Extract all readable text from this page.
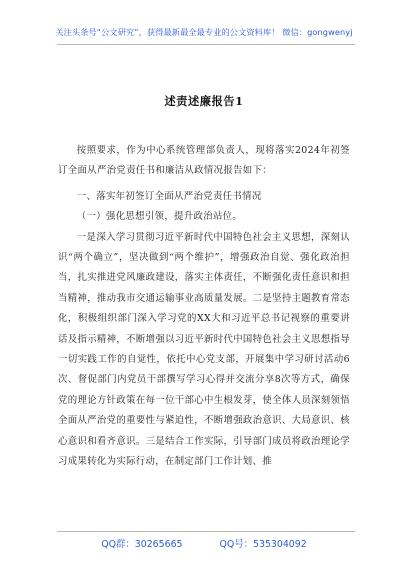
关注头条号“公文研究”，获得最新最全最专业的公文资料库！ 微信：gongwenyj
述责述廉报告1

按照要求，作为中心系统管理部负责人，现将落实2024年初签订全面从严治党责任书和廉洁从政情况报告如下：

一、落实年初签订全面从严治党责任书情况

（一）强化思想引领，提升政治站位。

一是深入学习贯彻习近平新时代中国特色社会主义思想，深刻认识“两个确立”，坚决做到“两个维护”，增强政治自觉、强化政治担当，扎实推进党风廉政建设，落实主体责任，不断强化责任意识和担当精神，推动我市交通运输事业高质量发展。二是坚持主题教育常态化，积极组织部门深入学习党的XX大和习近平总书记视察的重要讲话及指示精神，不断增强以习近平新时代中国特色社会主义思想指导一切实践工作的自觉性，依托中心党支部，开展集中学习研讨活动6次、督促部门内党员干部撰写学习心得并交流分享8次等方式，确保党的理论方针政策在每一位干部心中生根发芽，使全体人员深刻领悟全面从严治党的重要性与紧迫性，不断增强政治意识、大局意识、核心意识和看齐意识。三是结合工作实际，引导部门成员将政治理论学习成果转化为实际行动，在制定部门工作计划、推

QQ群：30265665	QQ号：535304092
